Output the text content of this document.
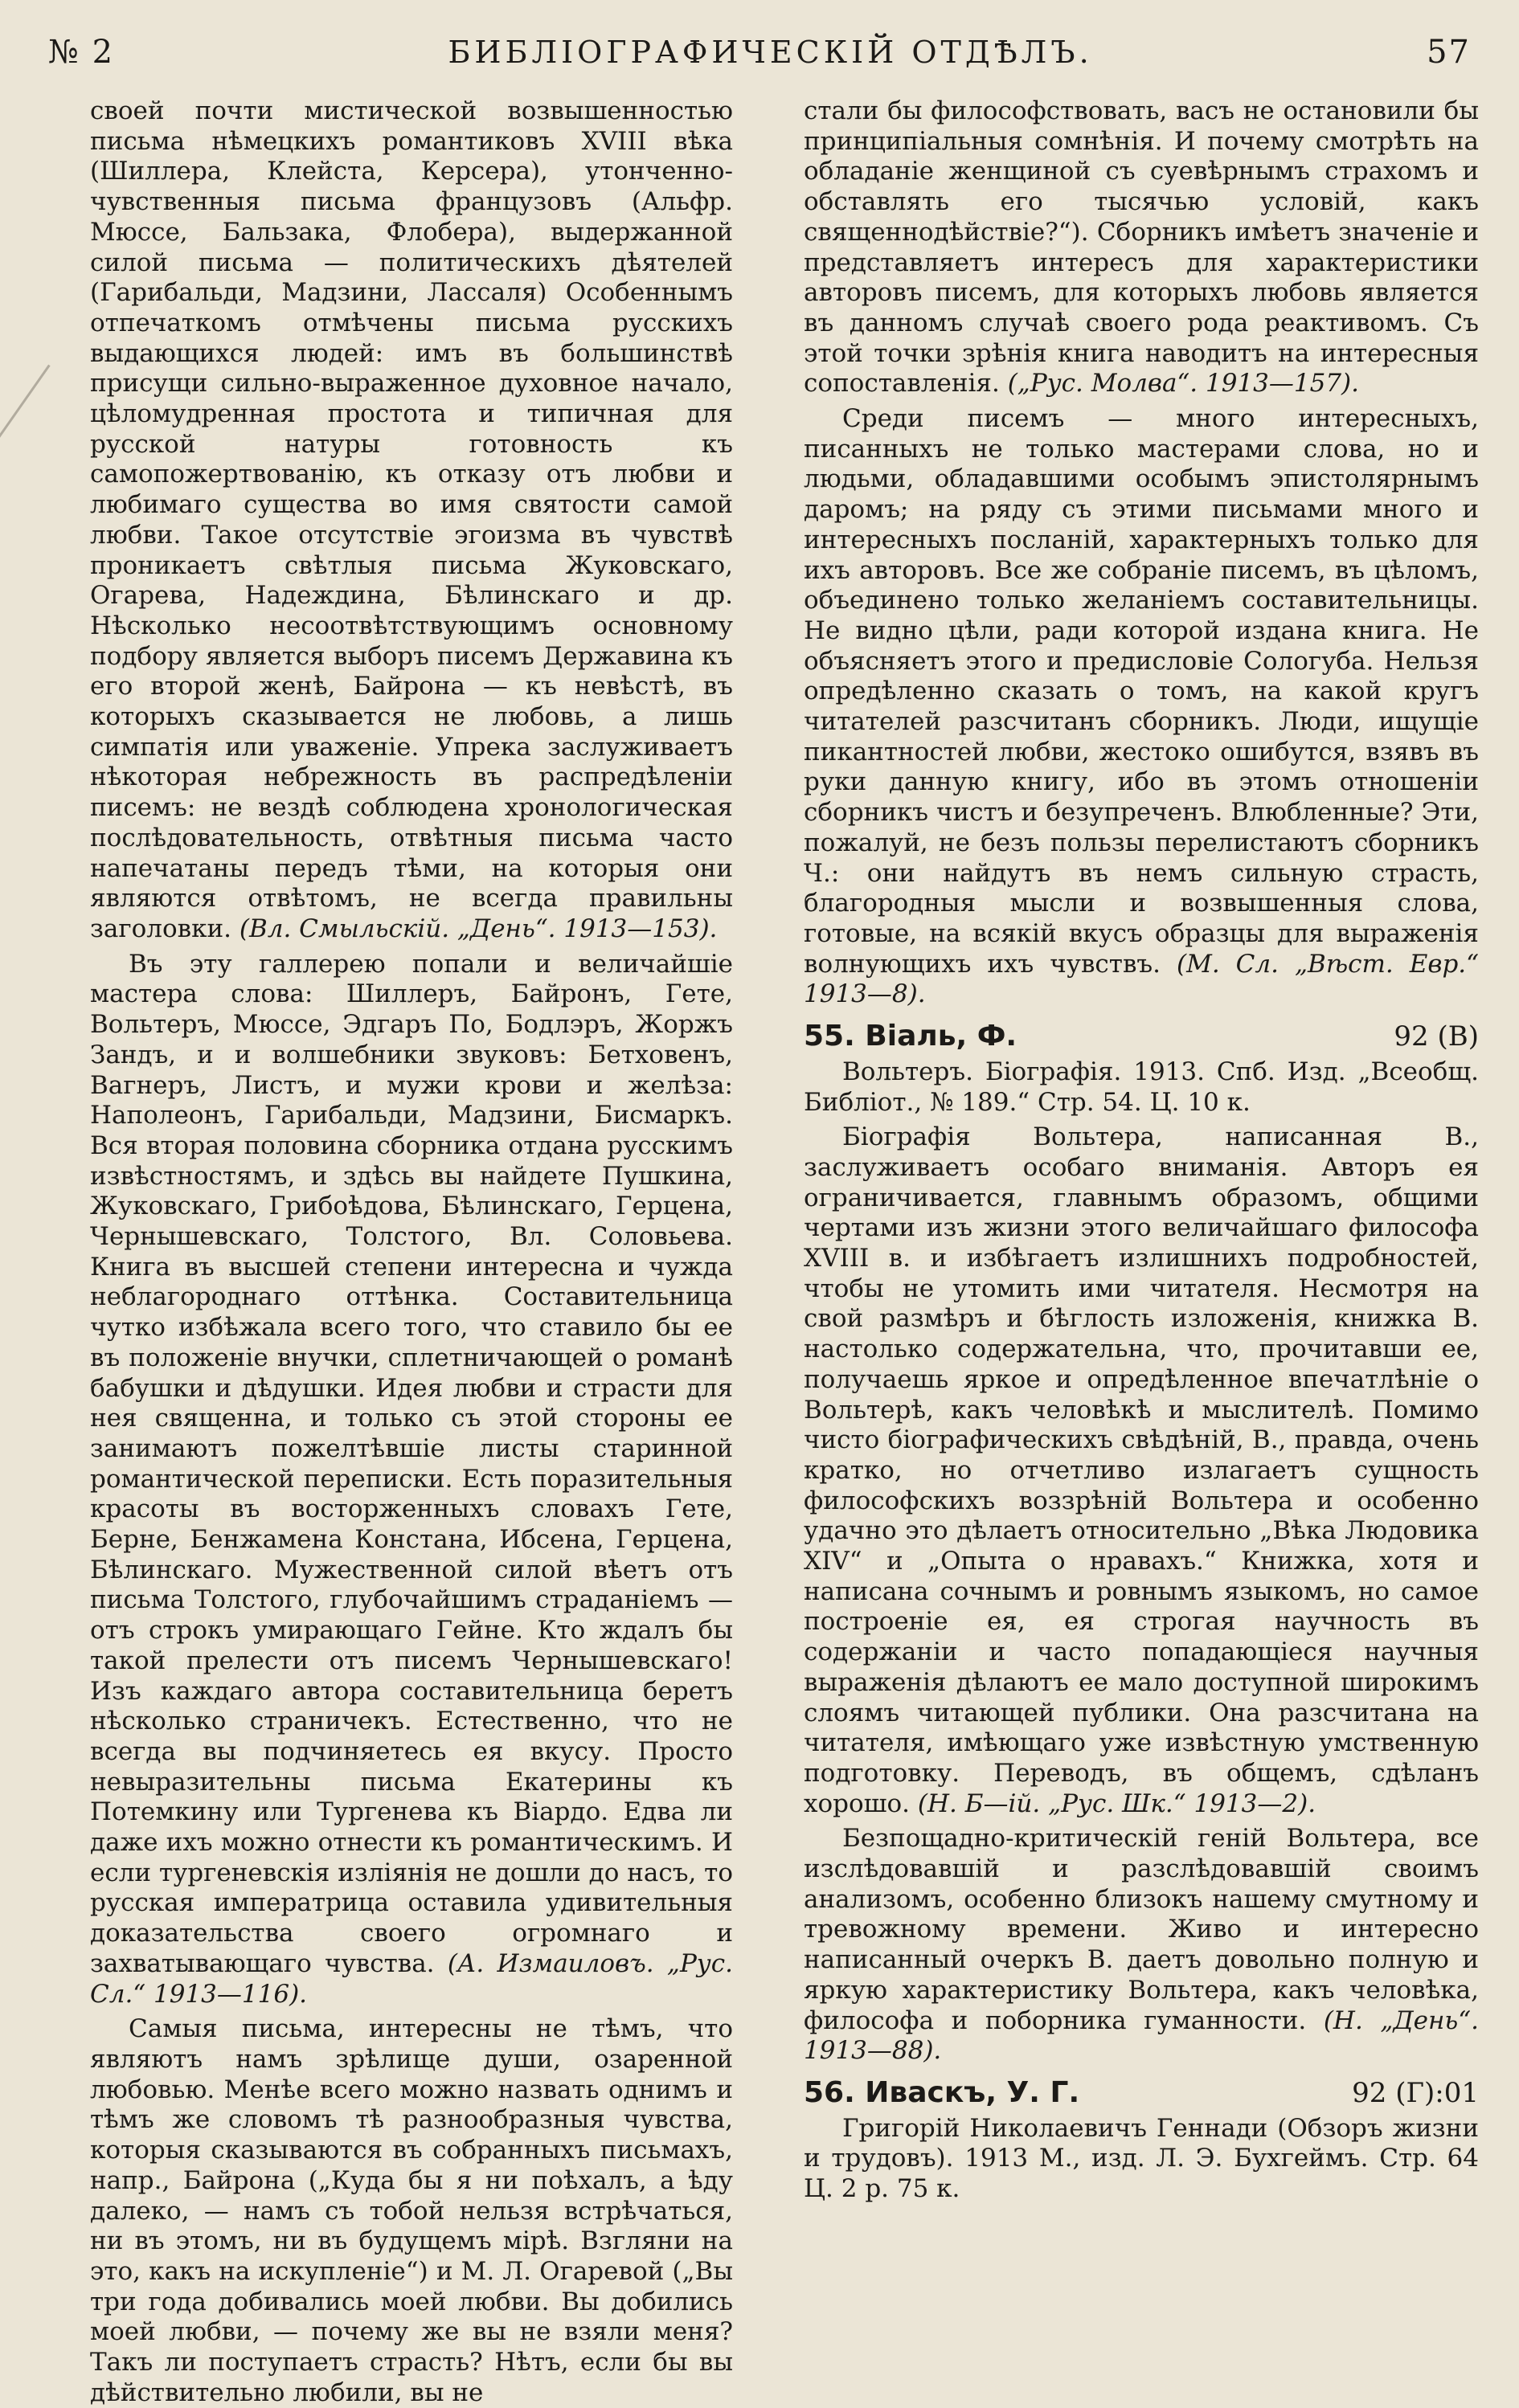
№ 2	БИБЛІОГРАФИЧЕСКІЙ ОТДѢЛЪ.	57

своей почти мистической возвышенностью письма нѣмецкихъ романтиковъ XVIII вѣка (Шиллера, Клейста, Керсера), утонченно-чувственныя письма французовъ (Альфр. Мюссе, Бальзака, Флобера), выдержанной силой письма — политическихъ дѣятелей (Гарибальди, Мадзини, Лассаля) Особеннымъ отпечаткомъ отмѣчены письма русскихъ выдающихся людей: имъ въ большинствѣ присущи сильно-выраженное духовное начало, цѣломудренная простота и типичная для русской натуры готовность къ самопожертвованію, къ отказу отъ любви и любимаго существа во имя святости самой любви. Такое отсутствіе эгоизма въ чувствѣ проникаетъ свѣтлыя письма Жуковскаго, Огарева, Надеждина, Бѣлинскаго и др. Нѣсколько несоотвѣтствующимъ основному подбору является выборъ писемъ Державина къ его второй женѣ, Байрона — къ невѣстѣ, въ которыхъ сказывается не любовь, а лишь симпатія или уваженіе. Упрека заслуживаетъ нѣкоторая небрежность въ распредѣленіи писемъ: не вездѣ соблюдена хронологическая послѣдовательность, отвѣтныя письма часто напечатаны передъ тѣми, на которыя они являются отвѣтомъ, не всегда правильны заголовки. (Вл. Смыльскій. „День“. 1913—153).

Въ эту галлерею попали и величайшіе мастера слова: Шиллеръ, Байронъ, Гете, Вольтеръ, Мюссе, Эдгаръ По, Бодлэръ, Жоржъ Зандъ, и и волшебники звуковъ: Бетховенъ, Вагнеръ, Листъ, и мужи крови и желѣза: Наполеонъ, Гарибальди, Мадзини, Бисмаркъ. Вся вторая половина сборника отдана русскимъ извѣстностямъ, и здѣсь вы найдете Пушкина, Жуковскаго, Грибоѣдова, Бѣлинскаго, Герцена, Чернышевскаго, Толстого, Вл. Соловьева. Книга въ высшей степени интересна и чужда неблагороднаго оттѣнка. Составительница чутко избѣжала всего того, что ставило бы ее въ положеніе внучки, сплетничающей о романѣ бабушки и дѣдушки. Идея любви и страсти для нея священна, и только съ этой стороны ее занимаютъ пожелтѣвшіе листы старинной романтической переписки. Есть поразительныя красоты въ восторженныхъ словахъ Гете, Берне, Бенжамена Констана, Ибсена, Герцена, Бѣлинскаго. Мужественной силой вѣетъ отъ письма Толстого, глубочайшимъ страданіемъ — отъ строкъ умирающаго Гейне. Кто ждалъ бы такой прелести отъ писемъ Чернышевскаго! Изъ каждаго автора составительница беретъ нѣсколько страничекъ. Естественно, что не всегда вы подчиняетесь ея вкусу. Просто невыразительны письма Екатерины къ Потемкину или Тургенева къ Віардо. Едва ли даже ихъ можно отнести къ романтическимъ. И если тургеневскія изліянія не дошли до насъ, то русская императрица оставила удивительныя доказательства своего огромнаго и захватывающаго чувства. (А. Измаиловъ. „Рус. Сл.“ 1913—116).

Самыя письма, интересны не тѣмъ, что являютъ намъ зрѣлище души, озаренной любовью. Менѣе всего можно назвать однимъ и тѣмъ же словомъ тѣ разнообразныя чувства, которыя сказываются въ собранныхъ письмахъ, напр., Байрона („Куда бы я ни поѣхалъ, а ѣду далеко, — намъ съ тобой нельзя встрѣчаться, ни въ этомъ, ни въ будущемъ мірѣ. Взгляни на это, какъ на искупленіе“) и М. Л. Огаревой („Вы три года добивались моей любви. Вы добились моей любви, — почему же вы не взяли меня? Такъ ли поступаетъ страсть? Нѣтъ, если бы вы дѣйствительно любили, вы не

стали бы философствовать, васъ не остановили бы принципіальныя сомнѣнія. И почему смотрѣть на обладаніе женщиной съ суевѣрнымъ страхомъ и обставлять его тысячью условій, какъ священнодѣйствіе?“). Сборникъ имѣетъ значеніе и представляетъ интересъ для характеристики авторовъ писемъ, для которыхъ любовь является въ данномъ случаѣ своего рода реактивомъ. Съ этой точки зрѣнія книга наводитъ на интересныя сопоставленія. („Рус. Молва“. 1913—157).

Среди писемъ — много интересныхъ, писанныхъ не только мастерами слова, но и людьми, обладавшими особымъ эпистолярнымъ даромъ; на ряду съ этими письмами много и интересныхъ посланій, характерныхъ только для ихъ авторовъ. Все же собраніе писемъ, въ цѣломъ, объединено только желаніемъ составительницы. Не видно цѣли, ради которой издана книга. Не объясняетъ этого и предисловіе Сологуба. Нельзя опредѣленно сказать о томъ, на какой кругъ читателей разсчитанъ сборникъ. Люди, ищущіе пикантностей любви, жестоко ошибутся, взявъ въ руки данную книгу, ибо въ этомъ отношеніи сборникъ чистъ и безупреченъ. Влюбленные? Эти, пожалуй, не безъ пользы перелистаютъ сборникъ Ч.: они найдутъ въ немъ сильную страсть, благородныя мысли и возвышенныя слова, готовые, на всякій вкусъ образцы для выраженія волнующихъ ихъ чувствъ. (М. Сл. „Вѣст. Евр.“ 1913—8).

55. Віаль, Ф.	92 (В)

Вольтеръ. Біографія. 1913. Спб. Изд. „Всеобщ. Библіот., № 189.“ Стр. 54. Ц. 10 к.

Біографія Вольтера, написанная В., заслуживаетъ особаго вниманія. Авторъ ея ограничивается, главнымъ образомъ, общими чертами изъ жизни этого величайшаго философа XVIII в. и избѣгаетъ излишнихъ подробностей, чтобы не утомить ими читателя. Несмотря на свой размѣръ и бѣглость изложенія, книжка В. настолько содержательна, что, прочитавши ее, получаешь яркое и опредѣленное впечатлѣніе о Вольтерѣ, какъ человѣкѣ и мыслителѣ. Помимо чисто біографическихъ свѣдѣній, В., правда, очень кратко, но отчетливо излагаетъ сущность философскихъ воззрѣній Вольтера и особенно удачно это дѣлаетъ относительно „Вѣка Людовика XIV“ и „Опыта о нравахъ.“ Книжка, хотя и написана сочнымъ и ровнымъ языкомъ, но самое построеніе ея, ея строгая научность въ содержаніи и часто попадающіеся научныя выраженія дѣлаютъ ее мало доступной широкимъ слоямъ читающей публики. Она разсчитана на читателя, имѣющаго уже извѣстную умственную подготовку. Переводъ, въ общемъ, сдѣланъ хорошо. (Н. Б—ій. „Рус. Шк.“ 1913—2).

Безпощадно-критическій геній Вольтера, все изслѣдовавшій и разслѣдовавшій своимъ анализомъ, особенно близокъ нашему смутному и тревожному времени. Живо и интересно написанный очеркъ В. даетъ довольно полную и яркую характеристику Вольтера, какъ человѣка, философа и поборника гуманности. (Н. „День“. 1913—88).

56. Иваскъ, У. Г.	92 (Г):01

Григорій Николаевичъ Геннади (Обзоръ жизни и трудовъ). 1913 М., изд. Л. Э. Бухгеймъ. Стр. 64 Ц. 2 р. 75 к.
